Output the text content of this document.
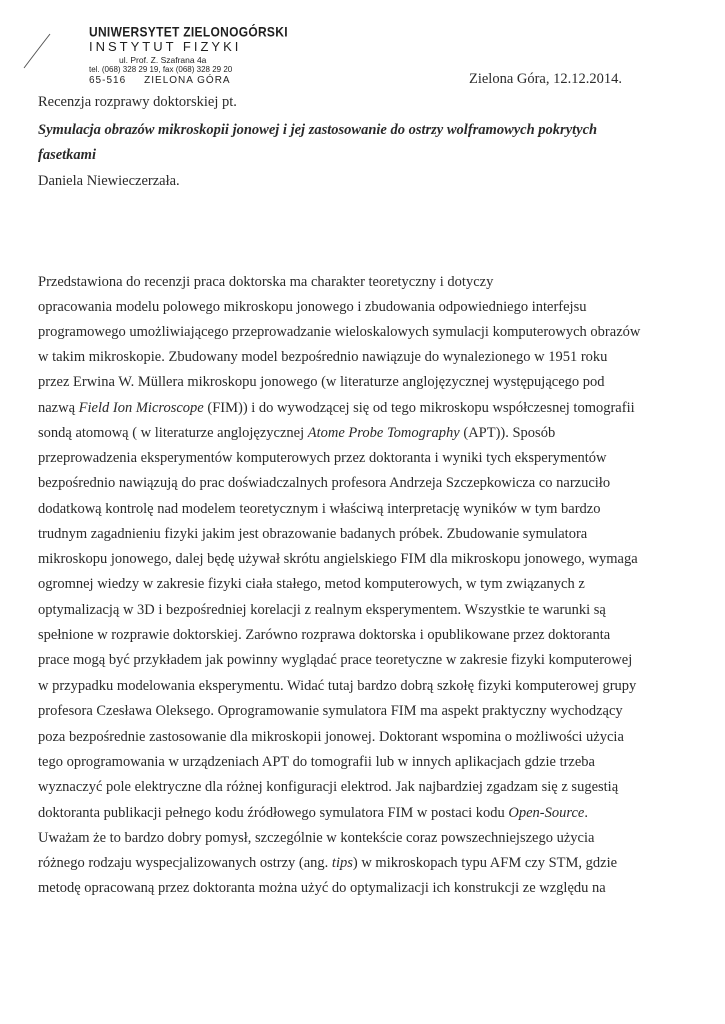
UNIWERSYTET ZIELONOGÓRSKI
INSTYTUT FIZYKI
ul. Prof. Z. Szafrana 4a
tel. (068) 328 29 19, fax (068) 328 29 20
65-516 ZIELONA GÓRA	Zielona Góra, 12.12.2014.
Recenzja rozprawy doktorskiej pt.
Symulacja obrazów mikroskopii jonowej i jej zastosowanie do ostrzy wolframowych pokrytych
fasetkami
Daniela Niewieczerzała.
Przedstawiona do recenzji praca doktorska ma charakter teoretyczny i dotyczy
opracowania modelu polowego mikroskopu jonowego i zbudowania odpowiedniego interfejsu
programowego umożliwiającego przeprowadzanie wieloskalowych symulacji komputerowych obrazów
w takim mikroskopie. Zbudowany model bezpośrednio nawiązuje do wynalezionego w 1951 roku
przez Erwina W. Müllera mikroskopu jonowego (w literaturze anglojęzycznej występującego pod
nazwą Field Ion Microscope (FIM)) i do wywodzącej się od tego mikroskopu współczesnej tomografii
sondą atomową ( w literaturze anglojęzycznej Atome Probe Tomography (APT)). Sposób
przeprowadzenia eksperymentów komputerowych przez doktoranta i wyniki tych eksperymentów
bezpośrednio nawiązują do prac doświadczalnych profesora Andrzeja Szczepkowicza co narzuciło
dodatkową kontrolę nad modelem teoretycznym i właściwą interpretację wyników w tym bardzo
trudnym zagadnieniu fizyki jakim jest obrazowanie badanych próbek. Zbudowanie symulatora
mikroskopu jonowego, dalej będę używał skrótu angielskiego FIM dla mikroskopu jonowego, wymaga
ogromnej wiedzy w zakresie fizyki ciała stałego, metod komputerowych, w tym związanych z
optymalizacją w 3D i bezpośredniej korelacji z realnym eksperymentem. Wszystkie te warunki są
spełnione w rozprawie doktorskiej. Zarówno rozprawa doktorska i opublikowane przez doktoranta
prace mogą być przykładem jak powinny wyglądać prace teoretyczne w zakresie fizyki komputerowej
w przypadku modelowania eksperymentu. Widać tutaj bardzo dobrą szkołę fizyki komputerowej grupy
profesora Czesława Oleksego. Oprogramowanie symulatora FIM ma aspekt praktyczny wychodzący
poza bezpośrednie zastosowanie dla mikroskopii jonowej. Doktorant wspomina o możliwości użycia
tego oprogramowania w urządzeniach APT do tomografii lub w innych aplikacjach gdzie trzeba
wyznaczyć pole elektryczne dla różnej konfiguracji elektrod. Jak najbardziej zgadzam się z sugestią
doktoranta publikacji pełnego kodu źródłowego symulatora FIM w postaci kodu Open-Source.
Uważam że to bardzo dobry pomysł, szczególnie w kontekście coraz powszechniejszego użycia
różnego rodzaju wyspecjalizowanych ostrzy (ang. tips) w mikroskopach typu AFM czy STM, gdzie
metodę opracowaną przez doktoranta można użyć do optymalizacji ich konstrukcji ze względu na
